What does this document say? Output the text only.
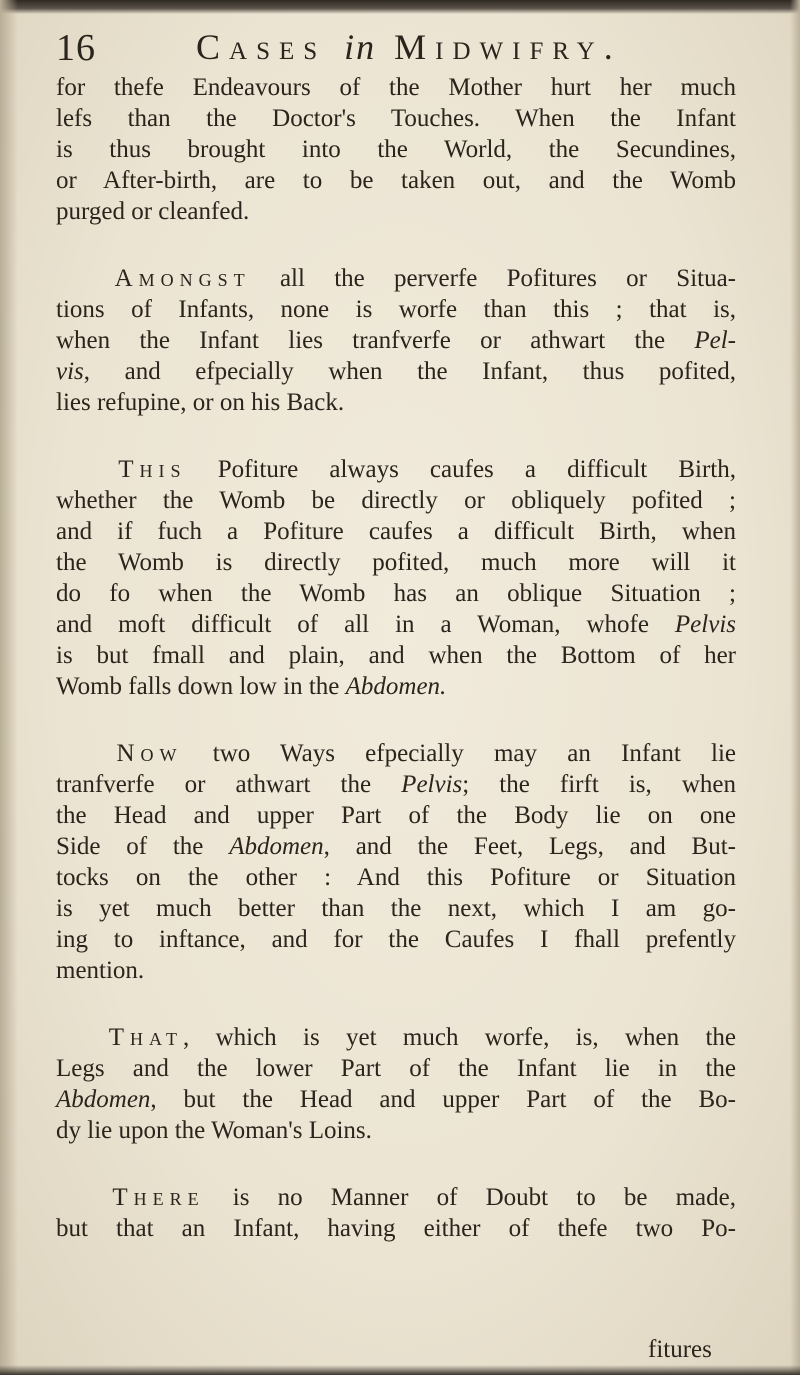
16	Cases in Midwifry.
for thefe Endeavours of the Mother hurt her much
lefs than the Doctor's Touches. When the Infant
is thus brought into the World, the Secundines,
or After-birth, are to be taken out, and the Womb
purged or cleanfed.
Amongst all the perverfe Pofitures or Situa-
tions of Infants, none is worfe than this ; that is,
when the Infant lies tranfverfe or athwart the Pel-
vis, and efpecially when the Infant, thus pofited,
lies refupine, or on his Back.
This Pofiture always caufes a difficult Birth,
whether the Womb be directly or obliquely pofited ;
and if fuch a Pofiture caufes a difficult Birth, when
the Womb is directly pofited, much more will it
do fo when the Womb has an oblique Situation ;
and moft difficult of all in a Woman, whofe Pelvis
is but fmall and plain, and when the Bottom of her
Womb falls down low in the Abdomen.
Now two Ways efpecially may an Infant lie
tranfverfe or athwart the Pelvis; the firft is, when
the Head and upper Part of the Body lie on one
Side of the Abdomen, and the Feet, Legs, and But-
tocks on the other : And this Pofiture or Situation
is yet much better than the next, which I am go-
ing to inftance, and for the Caufes I fhall prefently
mention.
That, which is yet much worfe, is, when the
Legs and the lower Part of the Infant lie in the
Abdomen, but the Head and upper Part of the Bo-
dy lie upon the Woman's Loins.
There is no Manner of Doubt to be made,
but that an Infant, having either of thefe two Po-
fitures
